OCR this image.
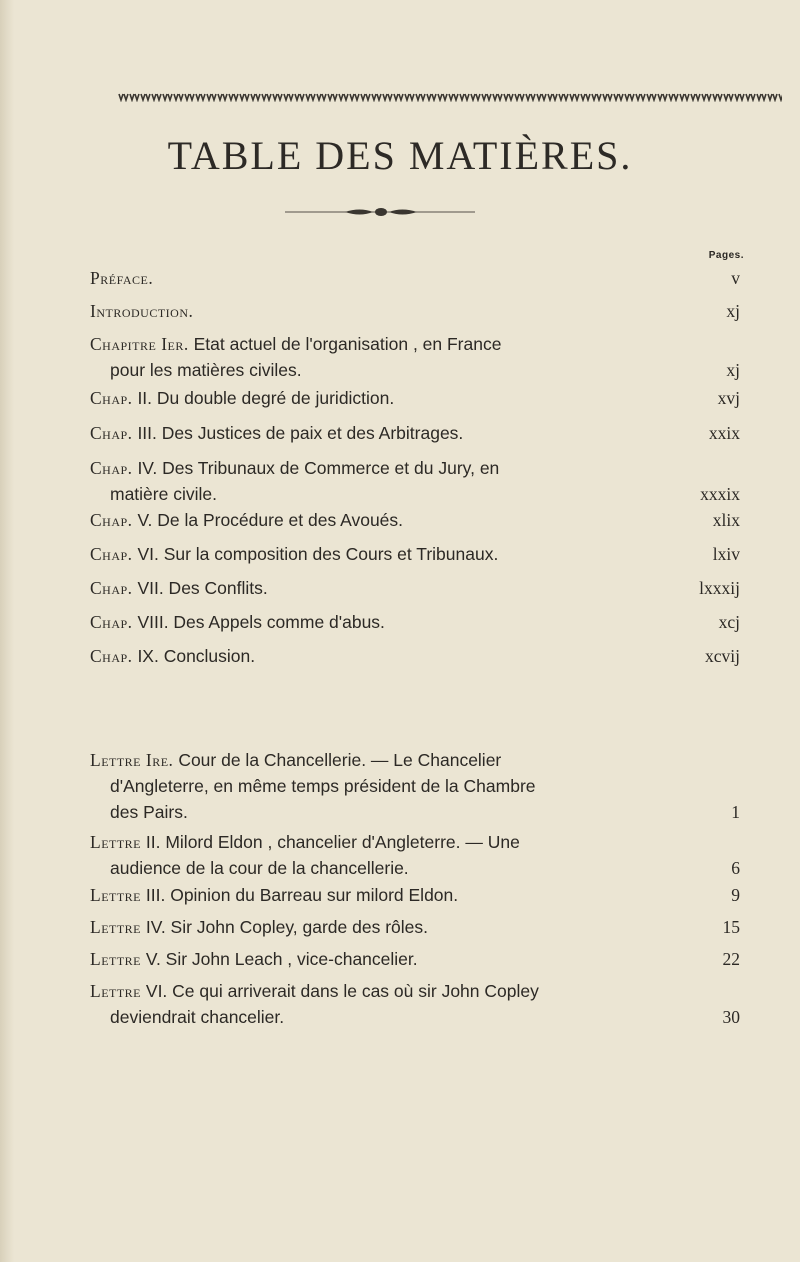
TABLE DES MATIÈRES.
Pages.
Préface.	v
Introduction.	xj
Chapitre Ier. Etat actuel de l'organisation , en France
pour les matières civiles.	xj
Chap. II. Du double degré de juridiction.	xvj
Chap. III. Des Justices de paix et des Arbitrages.	xxix
Chap. IV. Des Tribunaux de Commerce et du Jury, en
matière civile.	xxxix
Chap. V. De la Procédure et des Avoués.	xlix
Chap. VI. Sur la composition des Cours et Tribunaux.	lxiv
Chap. VII. Des Conflits.	lxxxij
Chap. VIII. Des Appels comme d'abus.	xcj
Chap. IX. Conclusion.	xcvij
Lettre Ire. Cour de la Chancellerie. — Le Chancelier
d'Angleterre, en même temps président de la Chambre
des Pairs.	1
Lettre II. Milord Eldon , chancelier d'Angleterre. — Une
audience de la cour de la chancellerie.	6
Lettre III. Opinion du Barreau sur milord Eldon.	9
Lettre IV. Sir John Copley, garde des rôles.	15
Lettre V. Sir John Leach , vice-chancelier.	22
Lettre VI. Ce qui arriverait dans le cas où sir John Copley
deviendrait chancelier.	30
